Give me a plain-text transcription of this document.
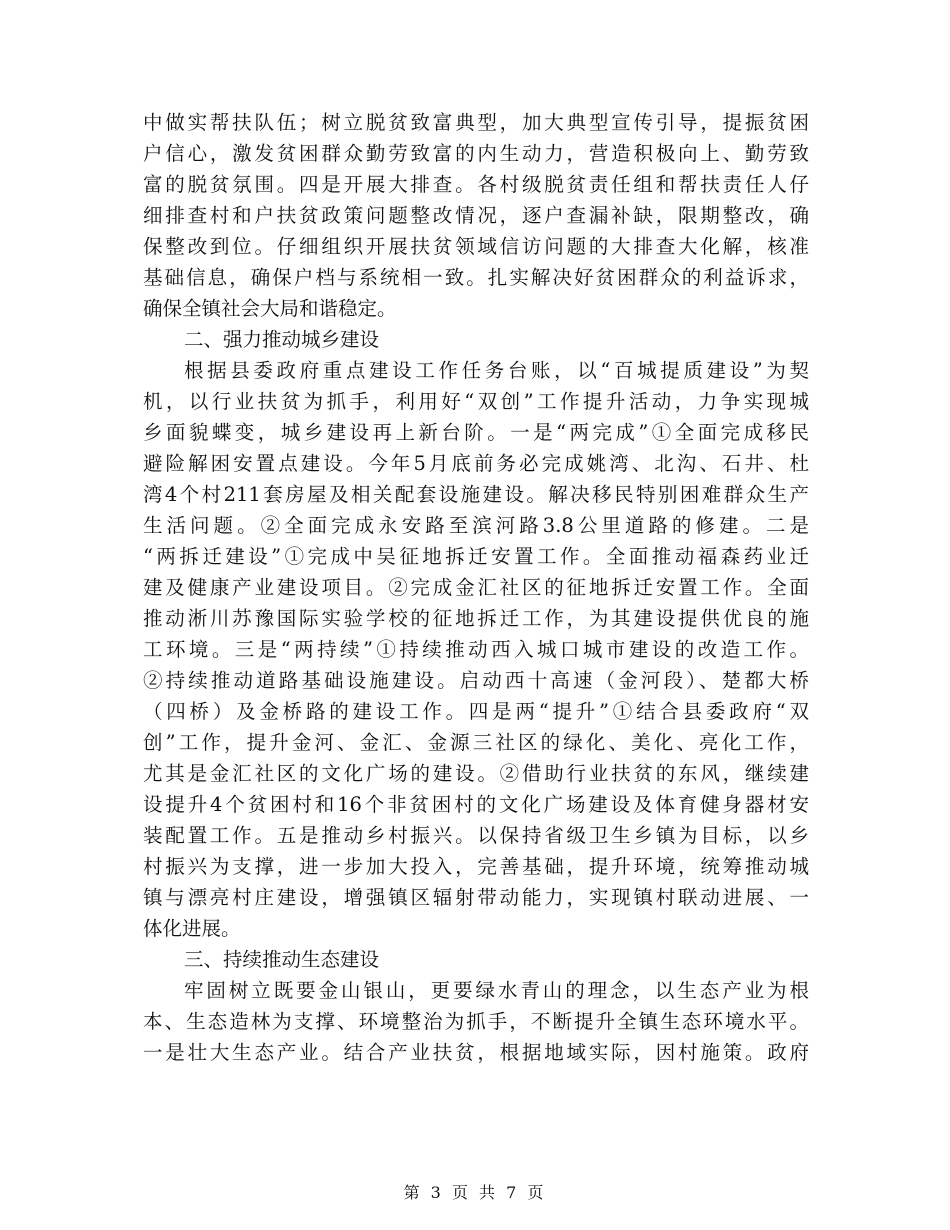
中做实帮扶队伍；树立脱贫致富典型，加大典型宣传引导，提振贫困
户信心，激发贫困群众勤劳致富的内生动力，营造积极向上、勤劳致
富的脱贫氛围。四是开展大排查。各村级脱贫责任组和帮扶责任人仔
细排查村和户扶贫政策问题整改情况，逐户查漏补缺，限期整改，确
保整改到位。仔细组织开展扶贫领域信访问题的大排查大化解，核准
基础信息，确保户档与系统相一致。扎实解决好贫困群众的利益诉求，
确保全镇社会大局和谐稳定。
二、强力推动城乡建设
根据县委政府重点建设工作任务台账，以“百城提质建设”为契
机，以行业扶贫为抓手，利用好“双创”工作提升活动，力争实现城
乡面貌蝶变，城乡建设再上新台阶。一是“两完成”①全面完成移民
避险解困安置点建设。今年5月底前务必完成姚湾、北沟、石井、杜
湾4个村211套房屋及相关配套设施建设。解决移民特别困难群众生产
生活问题。②全面完成永安路至滨河路3.8公里道路的修建。二是
“两拆迁建设”①完成中吴征地拆迁安置工作。全面推动福森药业迁
建及健康产业建设项目。②完成金汇社区的征地拆迁安置工作。全面
推动淅川苏豫国际实验学校的征地拆迁工作，为其建设提供优良的施
工环境。三是“两持续”①持续推动西入城口城市建设的改造工作。
②持续推动道路基础设施建设。启动西十高速（金河段）、楚都大桥
（四桥）及金桥路的建设工作。四是两“提升”①结合县委政府“双
创”工作，提升金河、金汇、金源三社区的绿化、美化、亮化工作，
尤其是金汇社区的文化广场的建设。②借助行业扶贫的东风，继续建
设提升4个贫困村和16个非贫困村的文化广场建设及体育健身器材安
装配置工作。五是推动乡村振兴。以保持省级卫生乡镇为目标，以乡
村振兴为支撑，进一步加大投入，完善基础，提升环境，统筹推动城
镇与漂亮村庄建设，增强镇区辐射带动能力，实现镇村联动进展、一
体化进展。
三、持续推动生态建设
牢固树立既要金山银山，更要绿水青山的理念，以生态产业为根
本、生态造林为支撑、环境整治为抓手，不断提升全镇生态环境水平。
一是壮大生态产业。结合产业扶贫，根据地域实际，因村施策。政府
第 3 页 共 7 页
